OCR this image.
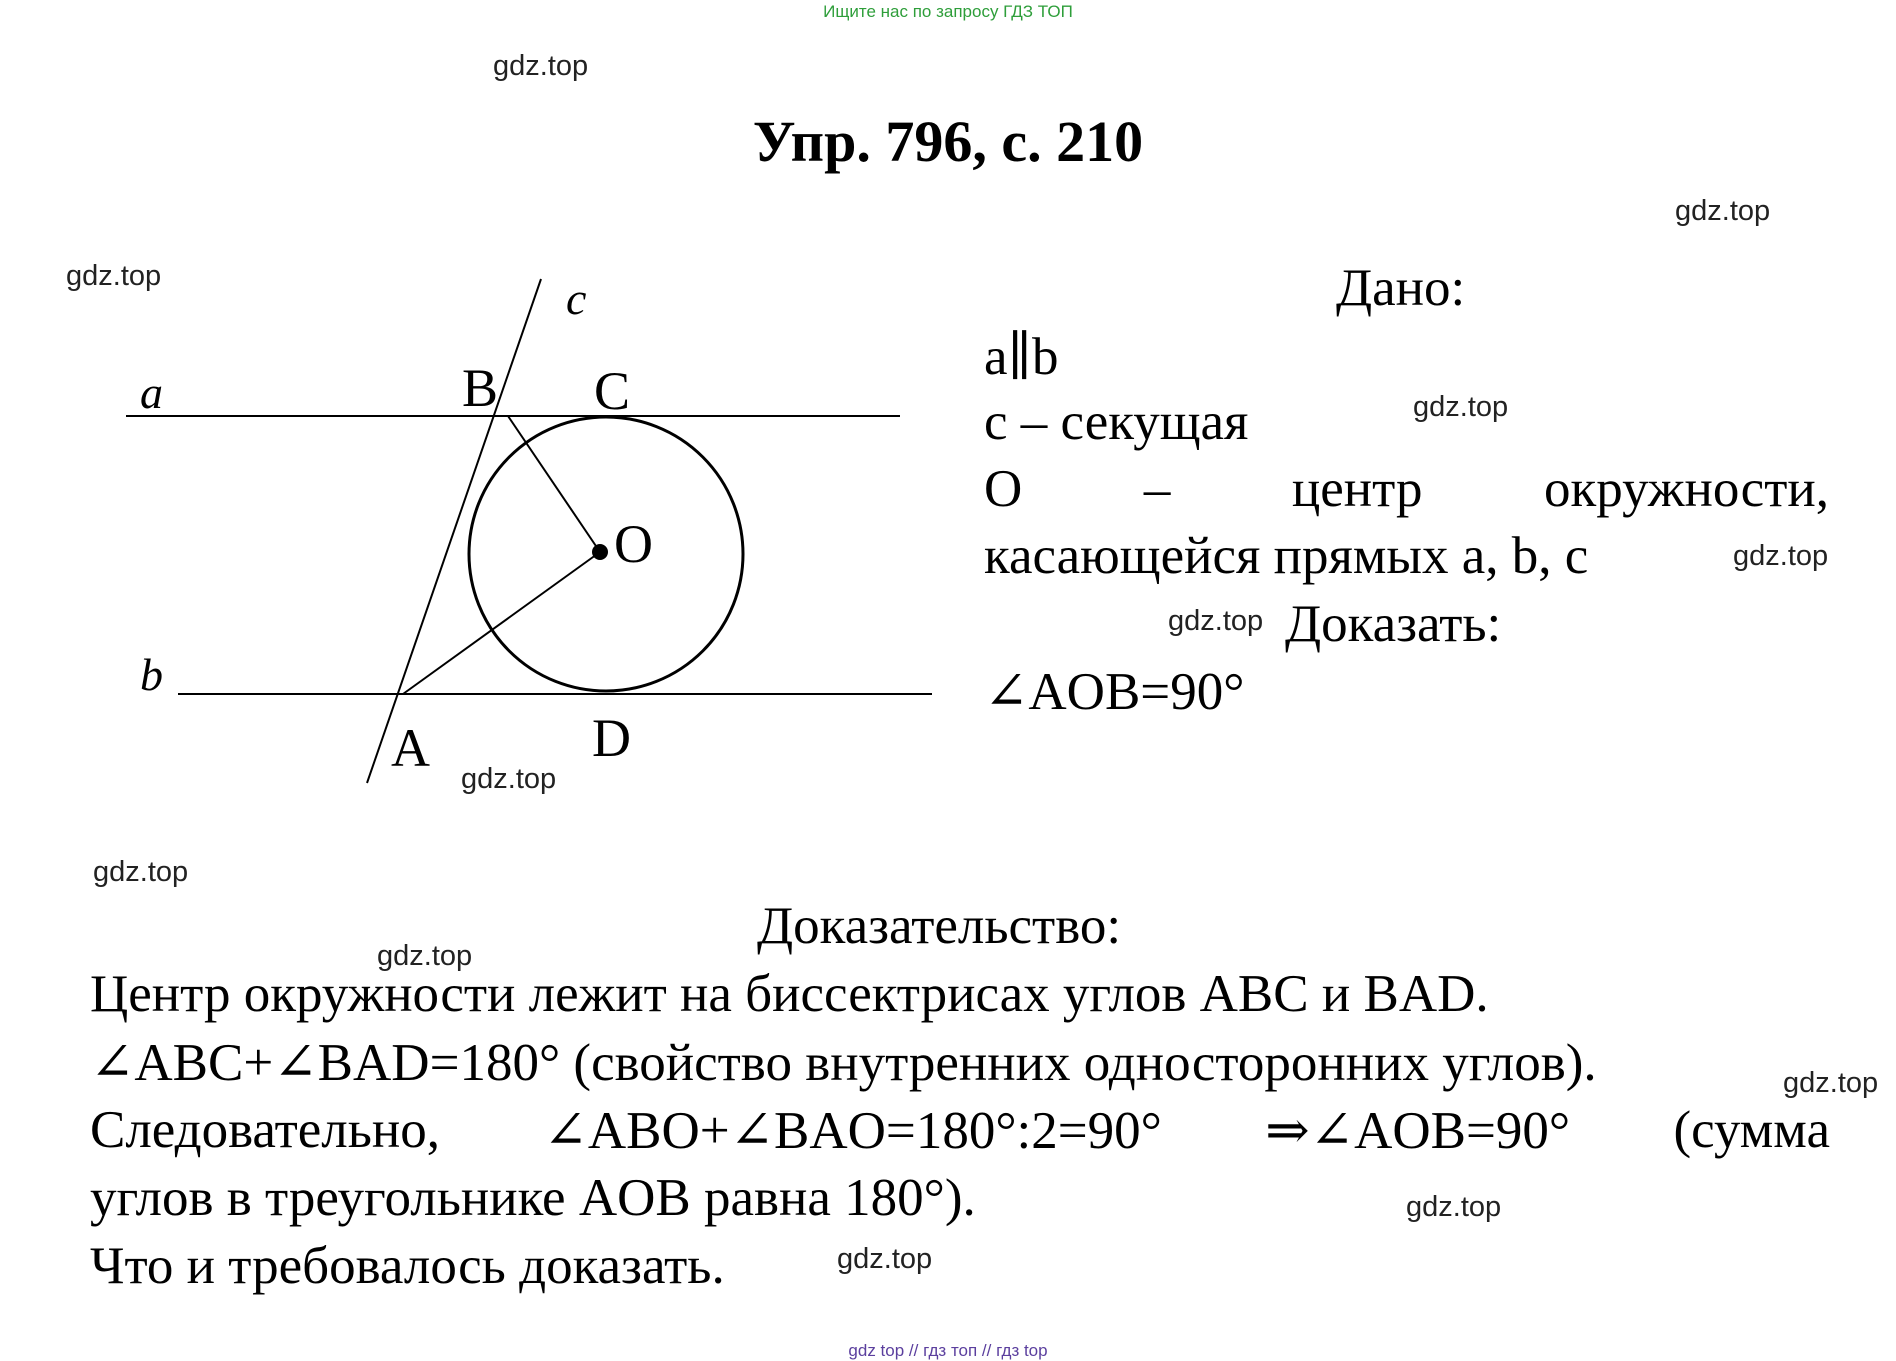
Ищите нас по запросу ГДЗ ТОП
Упр. 796, с. 210
gdz.top
gdz.top
gdz.top
gdz.top
gdz.top
gdz.top
gdz.top
gdz.top
gdz.top
gdz.top
gdz.top
gdz.top
a
b
c
B C
O
A	D
Дано:
a∥b
c – секущая
O – центр окружности,
касающейся прямых a, b, c
Доказать:
∠AOB=90°
Доказательство:
Центр окружности лежит на биссектрисах углов ABC и BAD.
∠ABC+∠BAD=180° (свойство внутренних односторонних углов).
Следовательно, ∠ABO+∠BAO=180°:2=90° ⇒∠AOB=90° (сумма
углов в треугольнике AOB равна 180°).
Что и требовалось доказать.
gdz top // гдз топ // гдз top
